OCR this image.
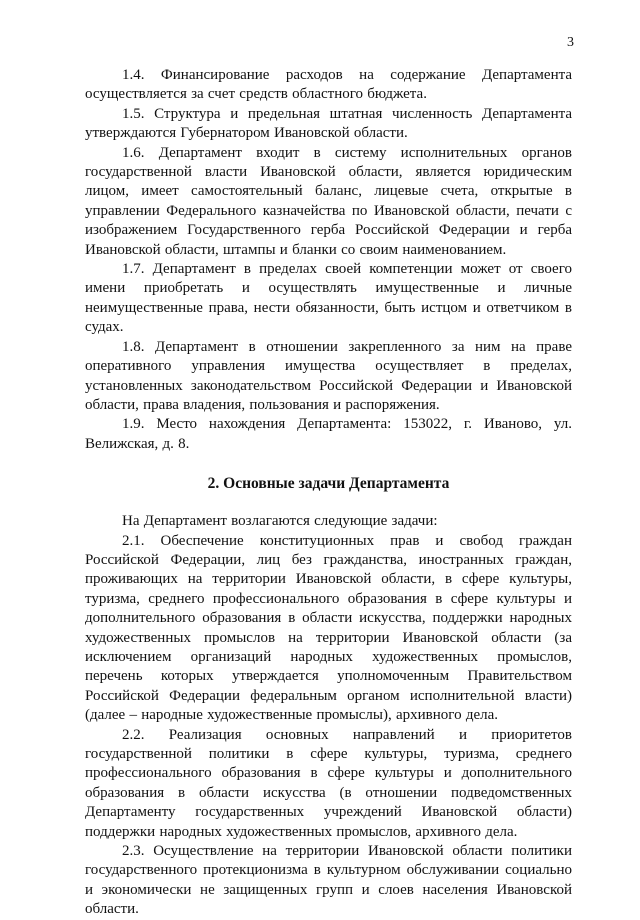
3

1.4. Финансирование расходов на содержание Департамента осуществляется за счет средств областного бюджета.

1.5. Структура и предельная штатная численность Департамента утверждаются Губернатором Ивановской области.

1.6. Департамент входит в систему исполнительных органов государственной власти Ивановской области, является юридическим лицом, имеет самостоятельный баланс, лицевые счета, открытые в управлении Федерального казначейства по Ивановской области, печати с изображением Государственного герба Российской Федерации и герба Ивановской области, штампы и бланки со своим наименованием.

1.7. Департамент в пределах своей компетенции может от своего имени приобретать и осуществлять имущественные и личные неимущественные права, нести обязанности, быть истцом и ответчиком в судах.

1.8. Департамент в отношении закрепленного за ним на праве оперативного управления имущества осуществляет в пределах, установленных законодательством Российской Федерации и Ивановской области, права владения, пользования и распоряжения.

1.9. Место нахождения Департамента: 153022, г. Иваново, ул. Велижская, д. 8.

2. Основные задачи Департамента

На Департамент возлагаются следующие задачи:

2.1. Обеспечение конституционных прав и свобод граждан Российской Федерации, лиц без гражданства, иностранных граждан, проживающих на территории Ивановской области, в сфере культуры, туризма, среднего профессионального образования в сфере культуры и дополнительного образования в области искусства, поддержки народных художественных промыслов на территории Ивановской области (за исключением организаций народных художественных промыслов, перечень которых утверждается уполномоченным Правительством Российской Федерации федеральным органом исполнительной власти) (далее – народные художественные промыслы), архивного дела.

2.2. Реализация основных направлений и приоритетов государственной политики в сфере культуры, туризма, среднего профессионального образования в сфере культуры и дополнительного образования в области искусства (в отношении подведомственных Департаменту государственных учреждений Ивановской области) поддержки народных художественных промыслов, архивного дела.

2.3. Осуществление на территории Ивановской области политики государственного протекционизма в культурном обслуживании социально и экономически не защищенных групп и слоев населения Ивановской области.
